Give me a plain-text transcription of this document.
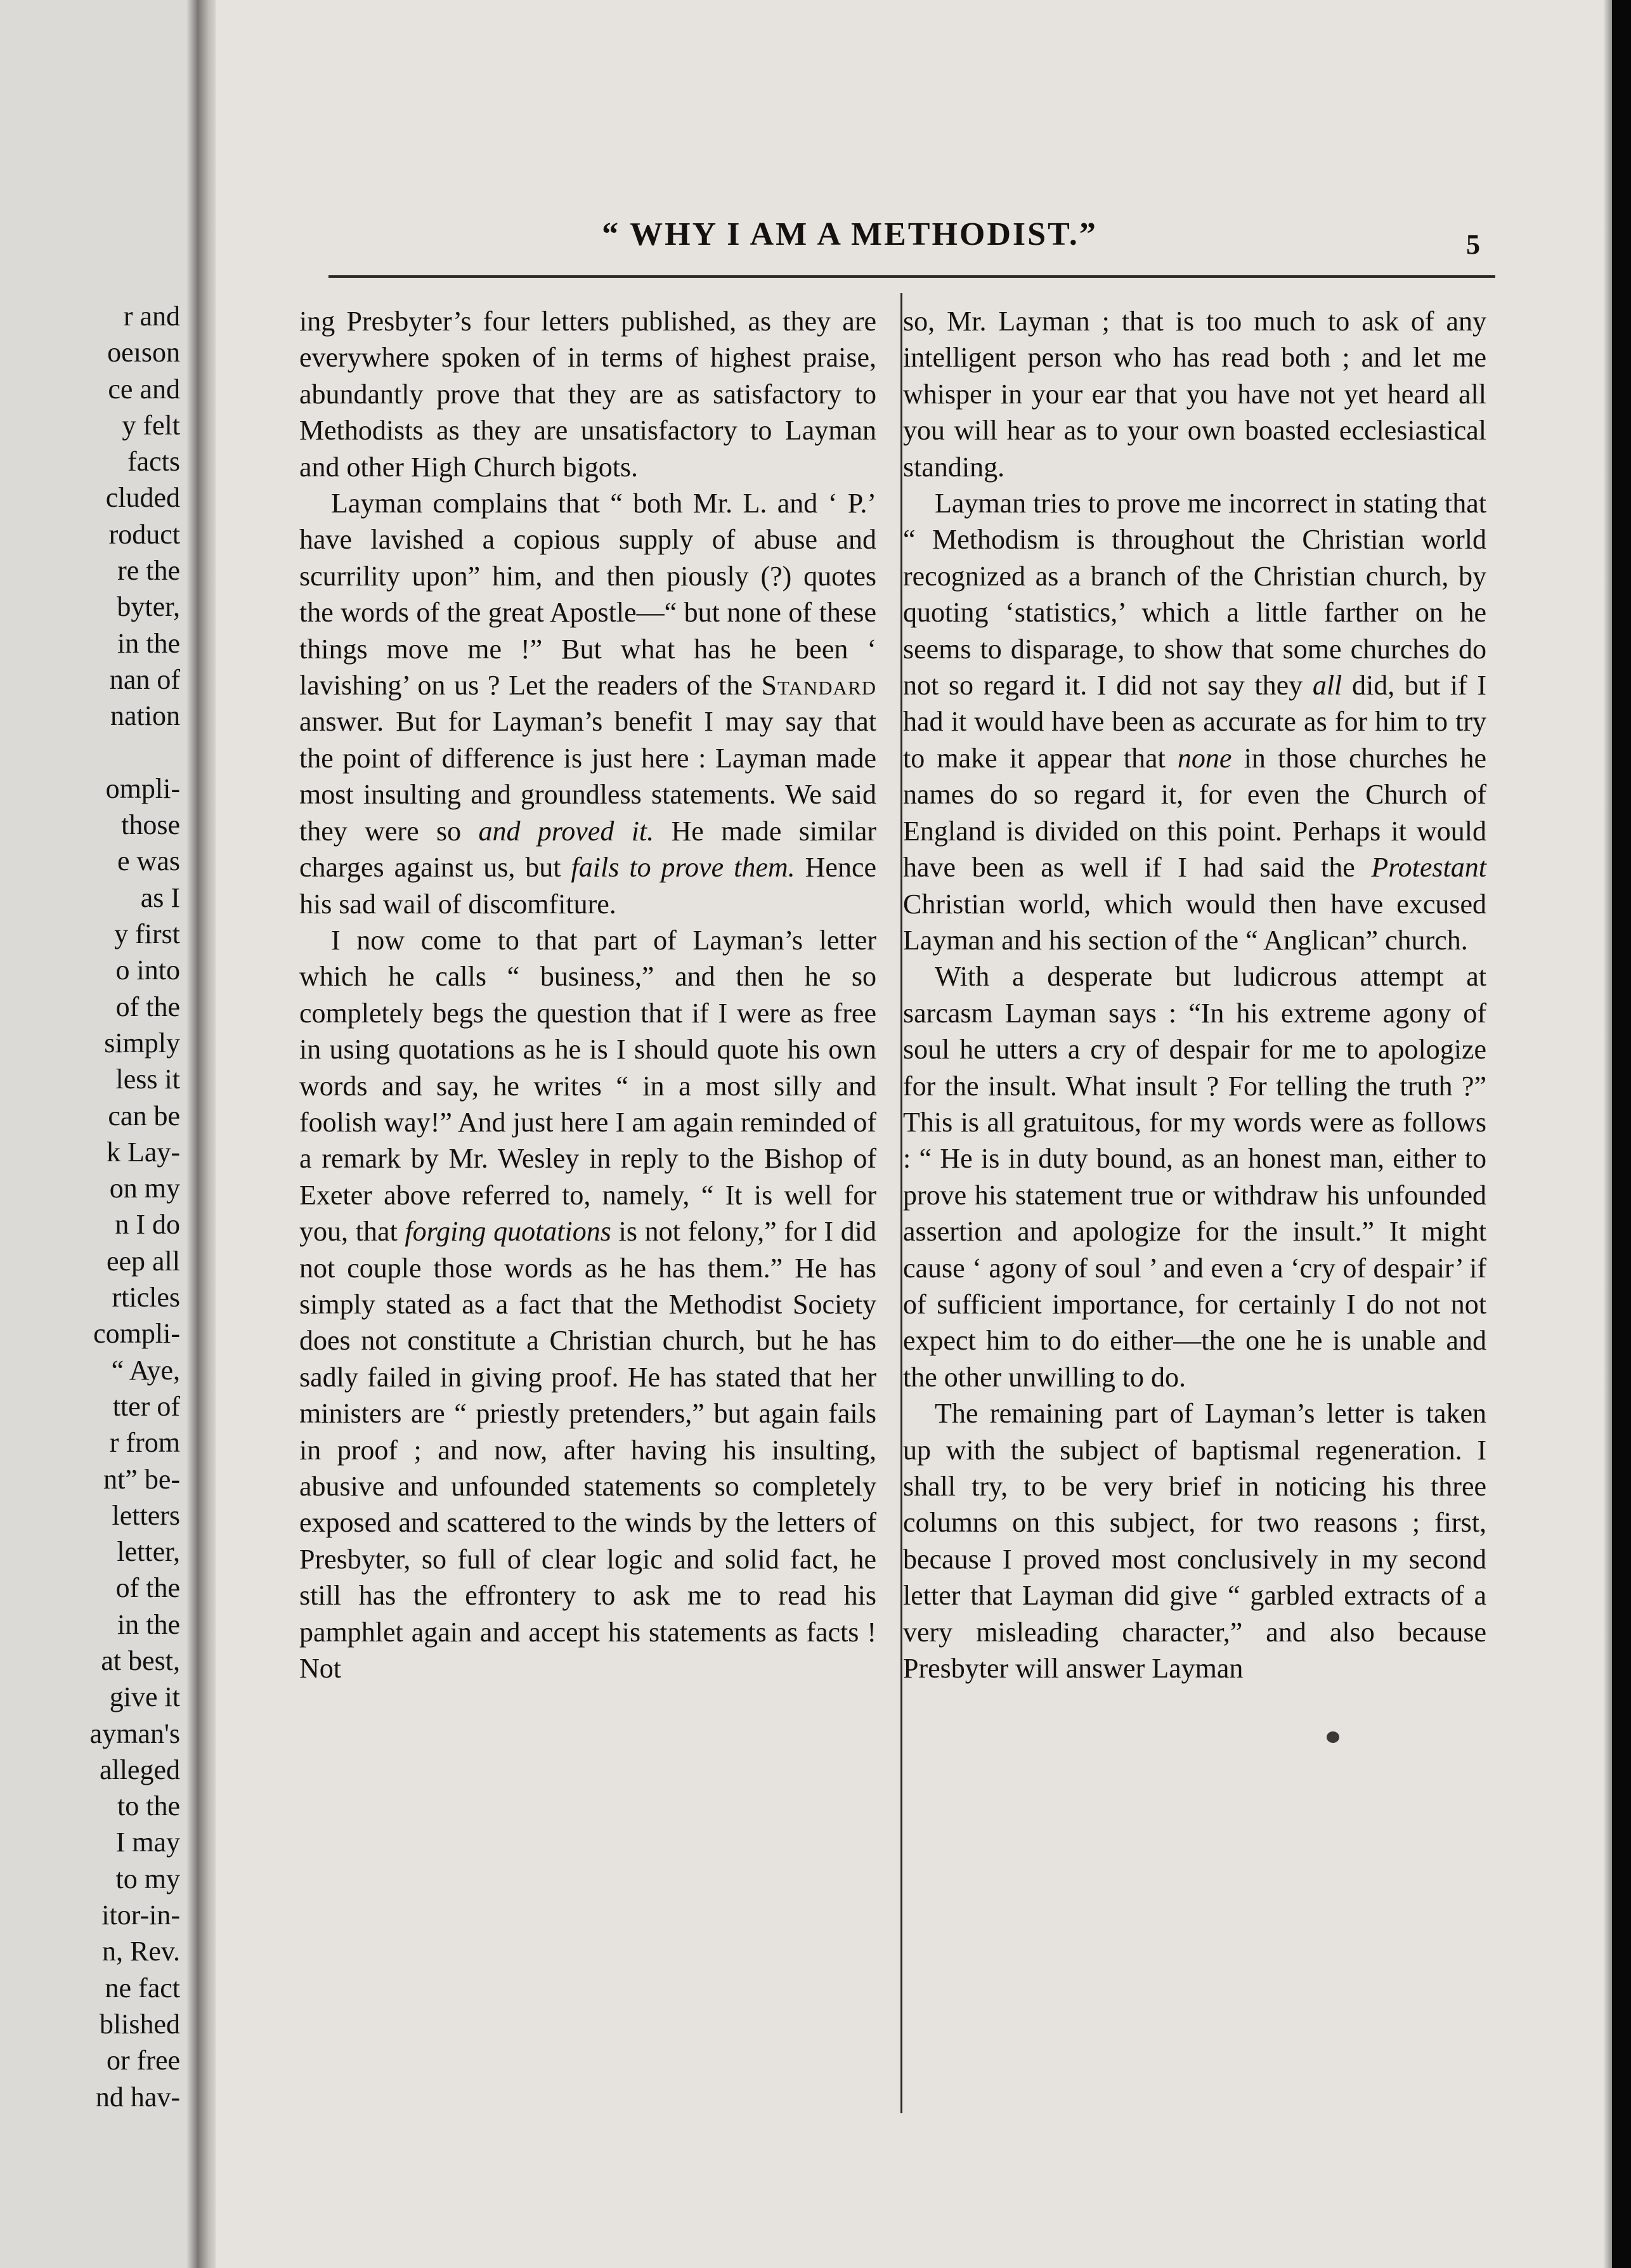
r and
oeıson
ce and
y felt
facts
cluded
roduct
re the
byter,
in the
nan of
nation
ompli-
those
e was
as I
y first
o into
of the
simply
less it
can be
k Lay-
on my
n I do
eep all
rticles
compli-
“ Aye,
tter of
r from
nt” be-
letters
letter,
of the
in the
at best,
give it
ayman's
alleged
to the
I may
to my
itor-in-
n, Rev.
ne fact
blished
or free
nd hav-
“ WHY I AM A METHODIST.”	5

ing Presbyter’s four letters published, as they are everywhere spoken of in terms of highest praise, abundantly prove that they are as satisfactory to Methodists as they are unsatisfactory to Layman and other High Church bigots.

Layman complains that “ both Mr. L. and ‘ P.’ have lavished a copious supply of abuse and scurrility upon” him, and then piously (?) quotes the words of the great Apostle—“ but none of these things move me !” But what has he been ‘ lavishing’ on us ? Let the readers of the Standard answer. But for Layman’s benefit I may say that the point of difference is just here : Layman made most insulting and groundless statements. We said they were so and proved it. He made similar charges against us, but fails to prove them. Hence his sad wail of discomfiture.

I now come to that part of Layman’s letter which he calls “ business,” and then he so completely begs the question that if I were as free in using quotations as he is I should quote his own words and say, he writes “ in a most silly and foolish way!” And just here I am again reminded of a remark by Mr. Wesley in reply to the Bishop of Exeter above referred to, namely, “ It is well for you, that forging quotations is not felony,” for I did not couple those words as he has them.” He has simply stated as a fact that the Methodist Society does not constitute a Christian church, but he has sadly failed in giving proof. He has stated that her ministers are “ priestly pretenders,” but again fails in proof ; and now, after having his insulting, abusive and unfounded statements so completely exposed and scattered to the winds by the letters of Presbyter, so full of clear logic and solid fact, he still has the effrontery to ask me to read his pamphlet again and accept his statements as facts ! Not

so, Mr. Layman ; that is too much to ask of any intelligent person who has read both ; and let me whisper in your ear that you have not yet heard all you will hear as to your own boasted ecclesiastical standing.

Layman tries to prove me incorrect in stating that “ Methodism is throughout the Christian world recognized as a branch of the Christian church, by quoting ‘statistics,’ which a little farther on he seems to disparage, to show that some churches do not so regard it. I did not say they all did, but if I had it would have been as accurate as for him to try to make it appear that none in those churches he names do so regard it, for even the Church of England is divided on this point. Perhaps it would have been as well if I had said the Protestant Christian world, which would then have excused Layman and his section of the “ Anglican” church.

With a desperate but ludicrous attempt at sarcasm Layman says : “In his extreme agony of soul he utters a cry of despair for me to apologize for the insult. What insult ? For telling the truth ?” This is all gratuitous, for my words were as follows : “ He is in duty bound, as an honest man, either to prove his statement true or withdraw his unfounded assertion and apologize for the insult.” It might cause ‘ agony of soul ’ and even a ‘cry of despair’ if of sufficient importance, for certainly I do not not expect him to do either—the one he is unable and the other unwilling to do.

The remaining part of Layman’s letter is taken up with the subject of baptismal regeneration. I shall try, to be very brief in noticing his three columns on this subject, for two reasons ; first, because I proved most conclusively in my second letter that Layman did give “ garbled extracts of a very misleading character,” and also because Presbyter will answer Layman
